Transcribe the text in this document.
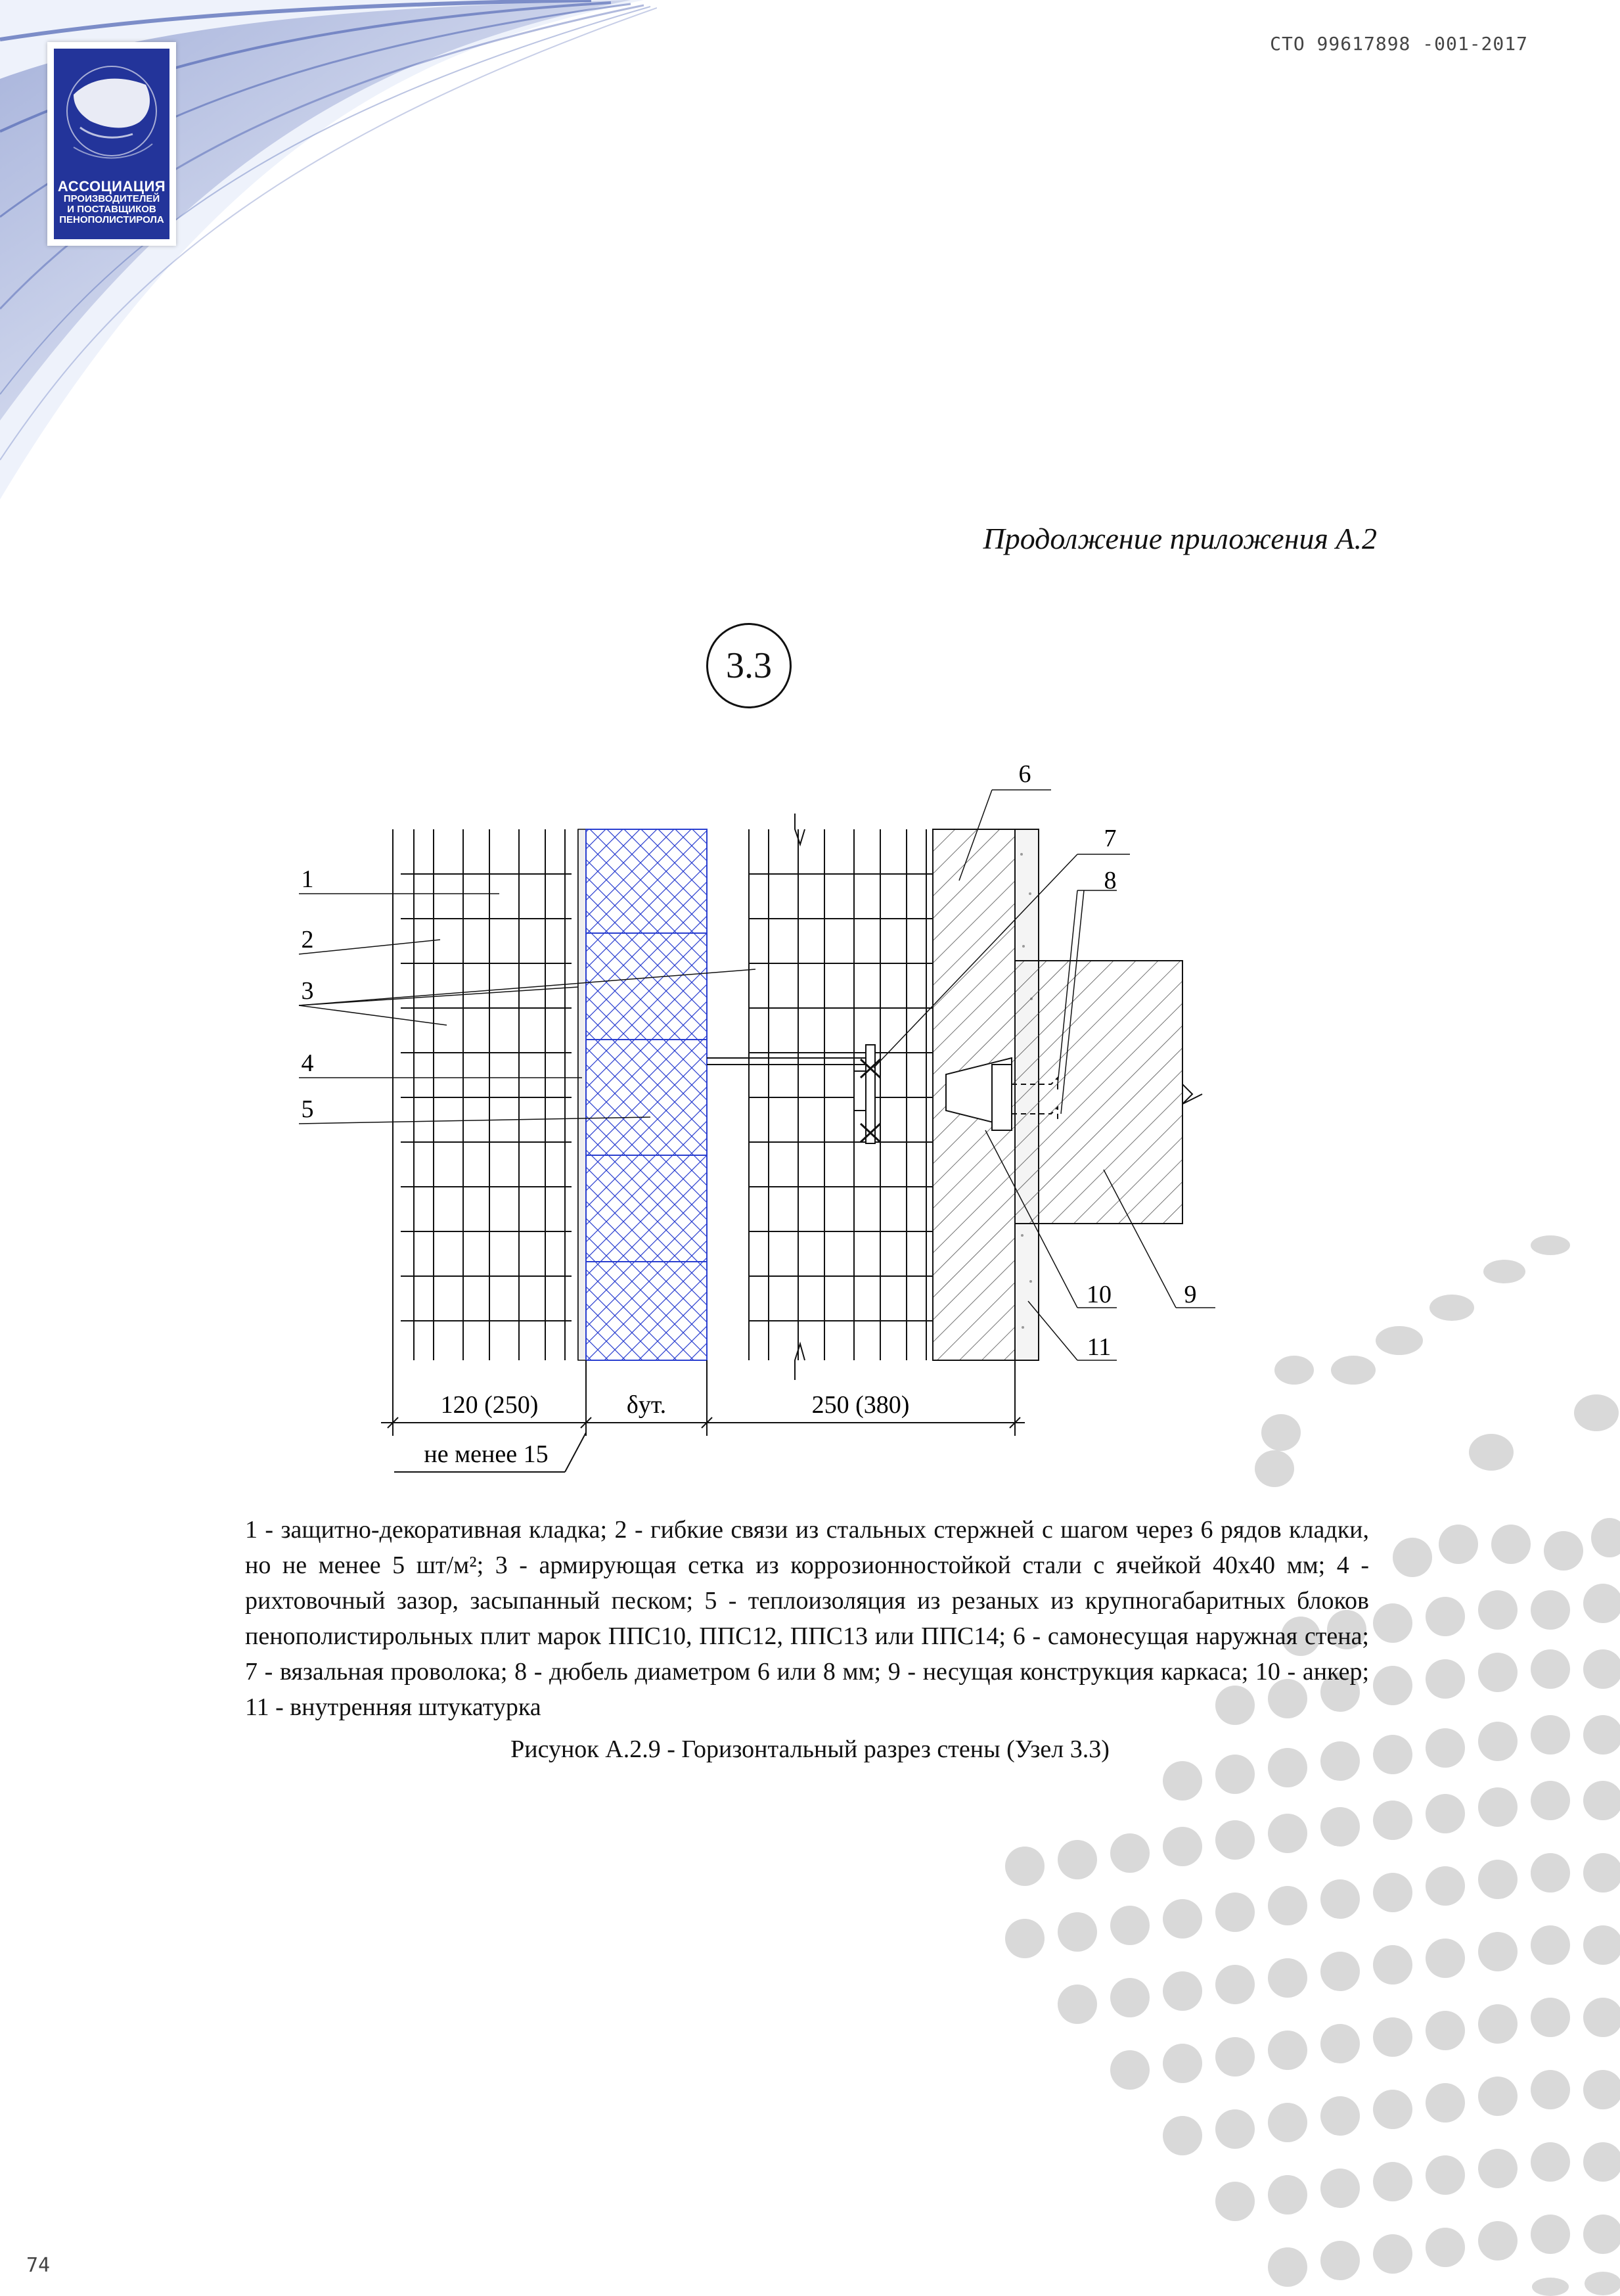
АССОЦИАЦИЯ
ПРОИЗВОДИТЕЛЕЙ
И ПОСТАВЩИКОВ
ПЕНОПОЛИСТИРОЛА
СТО 99617898 -001-2017
Продолжение приложения А.2
3.3
120 (250)	δут.	250 (380)
не менее 15
1
2
3
4
5
6
7
8
9
10
11

1 - защитно-декоративная кладка; 2 - гибкие связи из стальных стержней с шагом через 6 рядов кладки, но не менее 5 шт/м²; 3 - армирующая сетка из коррозионностойкой стали с ячейкой 40х40 мм; 4 - рихтовочный зазор, засыпанный песком; 5 - теплоизоляция из резаных из крупногабаритных блоков пенополистирольных плит марок ППС10, ППС12, ППС13 или ППС14; 6 - самонесущая наружная стена; 7 - вязальная проволока; 8 - дюбель диаметром 6 или 8 мм; 9 - несущая конструкция каркаса; 10 - анкер; 11 - внутренняя штукатурка

Рисунок А.2.9 - Горизонтальный разрез стены (Узел 3.3)
74
